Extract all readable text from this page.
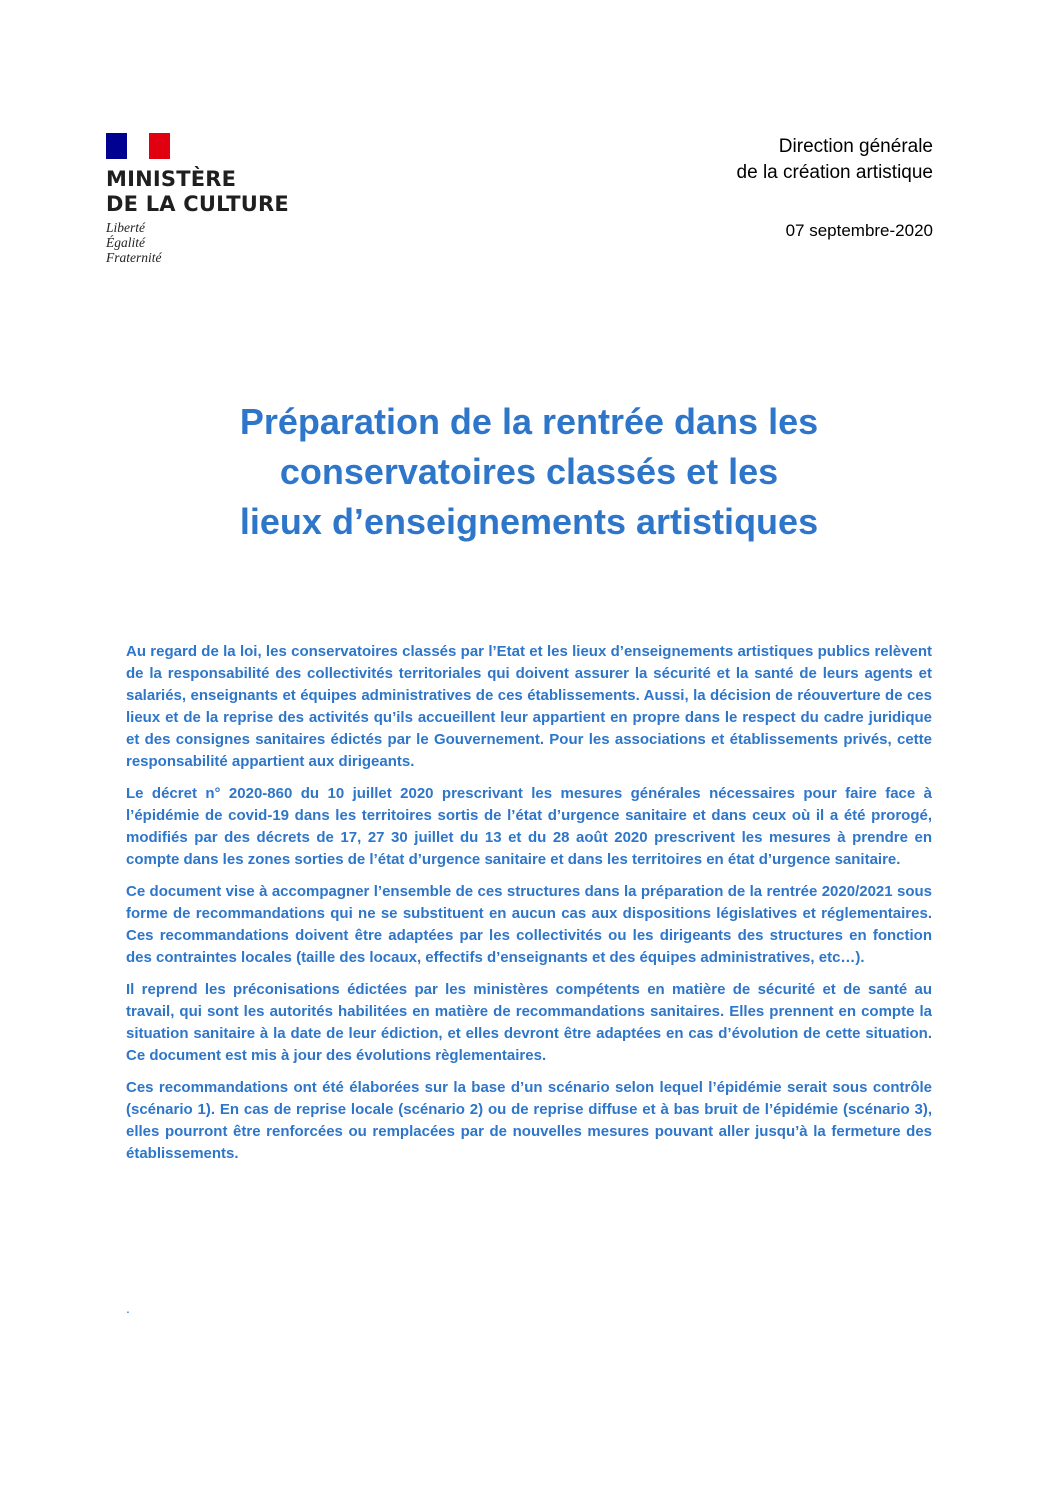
MINISTÈRE
DE LA CULTURE
Liberté
Égalité
Fraternité
Direction générale
de la création artistique
07 septembre-2020
Préparation de la rentrée dans les
conservatoires classés et les
lieux d’enseignements artistiques

Au regard de la loi, les conservatoires classés par l’Etat et les lieux d’enseignements artistiques publics relèvent de la responsabilité des collectivités territoriales qui doivent assurer la sécurité et la santé de leurs agents et salariés, enseignants et équipes administratives de ces établissements. Aussi, la décision de réouverture de ces lieux et de la reprise des activités qu’ils accueillent leur appartient en propre dans le respect du cadre juridique et des consignes sanitaires édictés par le Gouvernement. Pour les associations et établissements privés, cette responsabilité appartient aux dirigeants.

Le décret n° 2020-860 du 10 juillet 2020 prescrivant les mesures générales nécessaires pour faire face à l’épidémie de covid-19 dans les territoires sortis de l’état d’urgence sanitaire et dans ceux où il a été prorogé, modifiés par des décrets de 17, 27 30 juillet du 13 et du 28 août 2020 prescrivent les mesures à prendre en compte dans les zones sorties de l’état d’urgence sanitaire et dans les territoires en état d’urgence sanitaire.

Ce document vise à accompagner l’ensemble de ces structures dans la préparation de la rentrée 2020/2021 sous forme de recommandations qui ne se substituent en aucun cas aux dispositions législatives et réglementaires. Ces recommandations doivent être adaptées par les collectivités ou les dirigeants des structures en fonction des contraintes locales (taille des locaux, effectifs d’enseignants et des équipes administratives, etc…).

Il reprend les préconisations édictées par les ministères compétents en matière de sécurité et de santé au travail, qui sont les autorités habilitées en matière de recommandations sanitaires. Elles prennent en compte la situation sanitaire à la date de leur édiction, et elles devront être adaptées en cas d’évolution de cette situation. Ce document est mis à jour des évolutions règlementaires.

Ces recommandations ont été élaborées sur la base d’un scénario selon lequel l’épidémie serait sous contrôle (scénario 1). En cas de reprise locale (scénario 2) ou de reprise diffuse et à bas bruit de l’épidémie (scénario 3), elles pourront être renforcées ou remplacées par de nouvelles mesures pouvant aller jusqu’à la fermeture des établissements.

.
